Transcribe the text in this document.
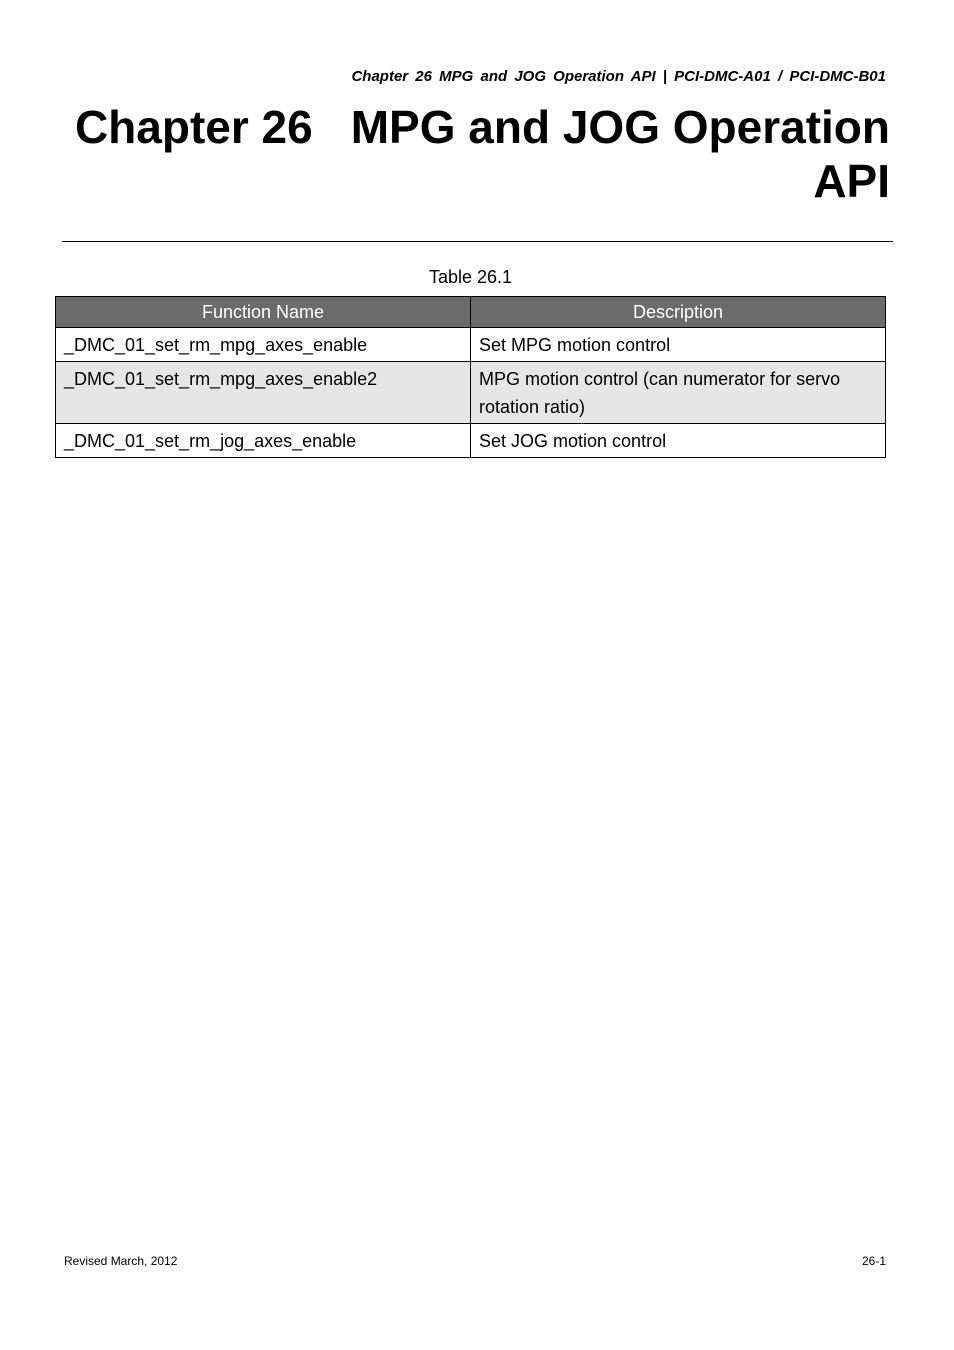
Chapter 26 MPG and JOG Operation API | PCI-DMC-A01 / PCI-DMC-B01
Chapter 26 MPG and JOG Operation
API
Table 26.1
Function Name	Description
_DMC_01_set_rm_mpg_axes_enable	Set MPG motion control
_DMC_01_set_rm_mpg_axes_enable2	MPG motion control (can numerator for servo rotation ratio)
_DMC_01_set_rm_jog_axes_enable	Set JOG motion control
Revised March, 2012	26-1
